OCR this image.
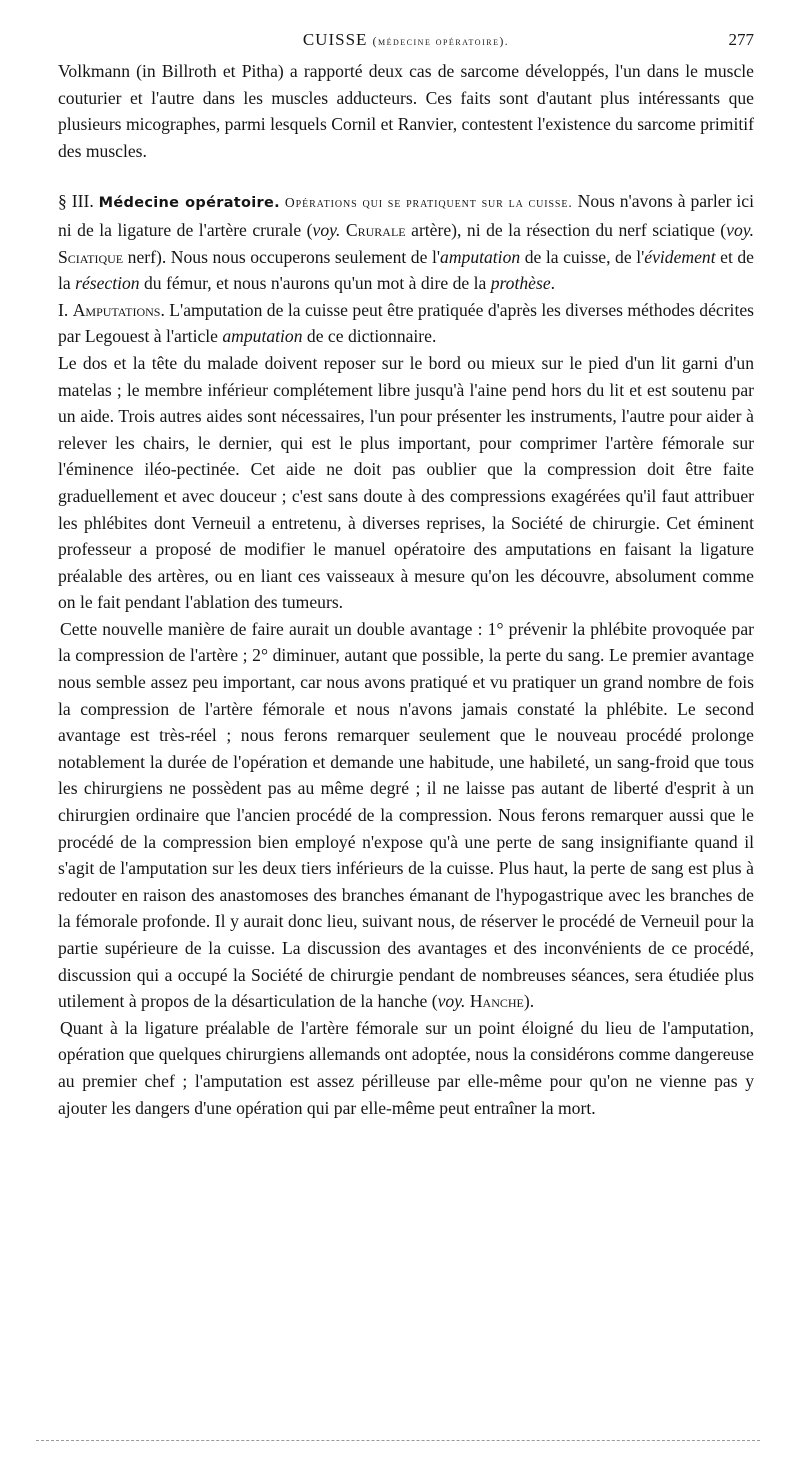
CUISSE (médecine opératoire).	277

Volkmann (in Billroth et Pitha) a rapporté deux cas de sarcome développés, l'un dans le muscle couturier et l'autre dans les muscles adducteurs. Ces faits sont d'autant plus intéressants que plusieurs micographes, parmi lesquels Cornil et Ranvier, contestent l'existence du sarcome primitif des muscles.

§ III. Médecine opératoire. Opérations qui se pratiquent sur la cuisse. Nous n'avons à parler ici ni de la ligature de l'artère crurale (voy. Crurale artère), ni de la résection du nerf sciatique (voy. Sciatique nerf). Nous nous occuperons seulement de l'amputation de la cuisse, de l'évidement et de la résection du fémur, et nous n'aurons qu'un mot à dire de la prothèse.

I. Amputations. L'amputation de la cuisse peut être pratiquée d'après les diverses méthodes décrites par Legouest à l'article amputation de ce dictionnaire.

Le dos et la tête du malade doivent reposer sur le bord ou mieux sur le pied d'un lit garni d'un matelas ; le membre inférieur complétement libre jusqu'à l'aine pend hors du lit et est soutenu par un aide. Trois autres aides sont nécessaires, l'un pour présenter les instruments, l'autre pour aider à relever les chairs, le dernier, qui est le plus important, pour comprimer l'artère fémorale sur l'éminence iléo-pectinée. Cet aide ne doit pas oublier que la compression doit être faite graduellement et avec douceur ; c'est sans doute à des compressions exagérées qu'il faut attribuer les phlébites dont Verneuil a entretenu, à diverses reprises, la Société de chirurgie. Cet éminent professeur a proposé de modifier le manuel opératoire des amputations en faisant la ligature préalable des artères, ou en liant ces vaisseaux à mesure qu'on les découvre, absolument comme on le fait pendant l'ablation des tumeurs.

Cette nouvelle manière de faire aurait un double avantage : 1° prévenir la phlébite provoquée par la compression de l'artère ; 2° diminuer, autant que possible, la perte du sang. Le premier avantage nous semble assez peu important, car nous avons pratiqué et vu pratiquer un grand nombre de fois la compression de l'artère fémorale et nous n'avons jamais constaté la phlébite. Le second avantage est très-réel ; nous ferons remarquer seulement que le nouveau procédé prolonge notablement la durée de l'opération et demande une habitude, une habileté, un sang-froid que tous les chirurgiens ne possèdent pas au même degré ; il ne laisse pas autant de liberté d'esprit à un chirurgien ordinaire que l'ancien procédé de la compression. Nous ferons remarquer aussi que le procédé de la compression bien employé n'expose qu'à une perte de sang insignifiante quand il s'agit de l'amputation sur les deux tiers inférieurs de la cuisse. Plus haut, la perte de sang est plus à redouter en raison des anastomoses des branches émanant de l'hypogastrique avec les branches de la fémorale profonde. Il y aurait donc lieu, suivant nous, de réserver le procédé de Verneuil pour la partie supérieure de la cuisse. La discussion des avantages et des inconvénients de ce procédé, discussion qui a occupé la Société de chirurgie pendant de nombreuses séances, sera étudiée plus utilement à propos de la désarticulation de la hanche (voy. Hanche).

Quant à la ligature préalable de l'artère fémorale sur un point éloigné du lieu de l'amputation, opération que quelques chirurgiens allemands ont adoptée, nous la considérons comme dangereuse au premier chef ; l'amputation est assez périlleuse par elle-même pour qu'on ne vienne pas y ajouter les dangers d'une opération qui par elle-même peut entraîner la mort.
